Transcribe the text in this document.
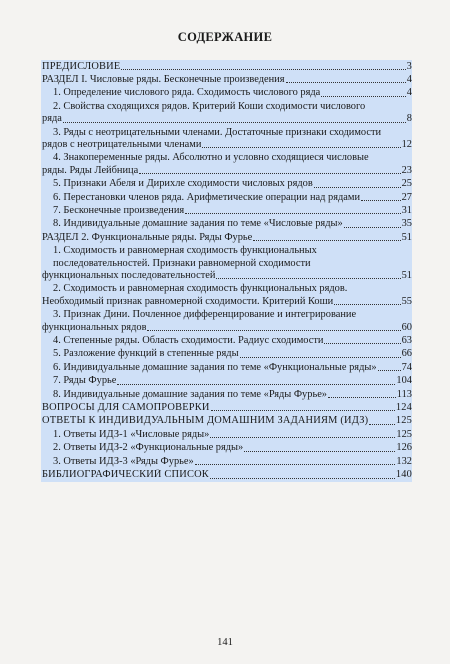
СОДЕРЖАНИЕ
ПРЕДИСЛОВИЕ	3
РАЗДЕЛ I. Числовые ряды. Бесконечные произведения	4
1. Определение числового ряда. Сходимость числового ряда	4
2. Свойства сходящихся рядов. Критерий Коши сходимости числового
ряда	8
3. Ряды с неотрицательными членами. Достаточные признаки сходимости
рядов с неотрицательными членами	12
4. Знакопеременные ряды. Абсолютно и условно сходящиеся числовые
ряды. Ряды Лейбница	23
5. Признаки Абеля и Дирихле сходимости числовых рядов	25
6. Перестановки членов ряда. Арифметические операции над рядами	27
7. Бесконечные произведения	31
8. Индивидуальные домашние задания по теме «Числовые ряды»	35
РАЗДЕЛ 2. Функциональные ряды. Ряды Фурье	51
1. Сходимость и равномерная сходимость функциональных
последовательностей. Признаки равномерной сходимости
функциональных последовательностей	51
2. Сходимость и равномерная сходимость функциональных рядов.
Необходимый признак равномерной сходимости. Критерий Коши	55
3. Признак Дини. Почленное дифференцирование и интегрирование
функциональных рядов	60
4. Степенные ряды. Область сходимости. Радиус сходимости	63
5. Разложение функций в степенные ряды	66
6. Индивидуальные домашние задания по теме «Функциональные ряды» 74
7. Ряды Фурье	104
8. Индивидуальные домашние задания по теме «Ряды Фурье»	113
ВОПРОСЫ ДЛЯ САМОПРОВЕРКИ	124
ОТВЕТЫ К ИНДИВИДУАЛЬНЫМ ДОМАШНИМ ЗАДАНИЯМ (ИДЗ)	125
1. Ответы ИДЗ-1 «Числовые ряды»	125
2. Ответы ИДЗ-2 «Функциональные ряды»	126
3. Ответы ИДЗ-3 «Ряды Фурье»	132
БИБЛИОГРАФИЧЕСКИЙ СПИСОК	140
141
